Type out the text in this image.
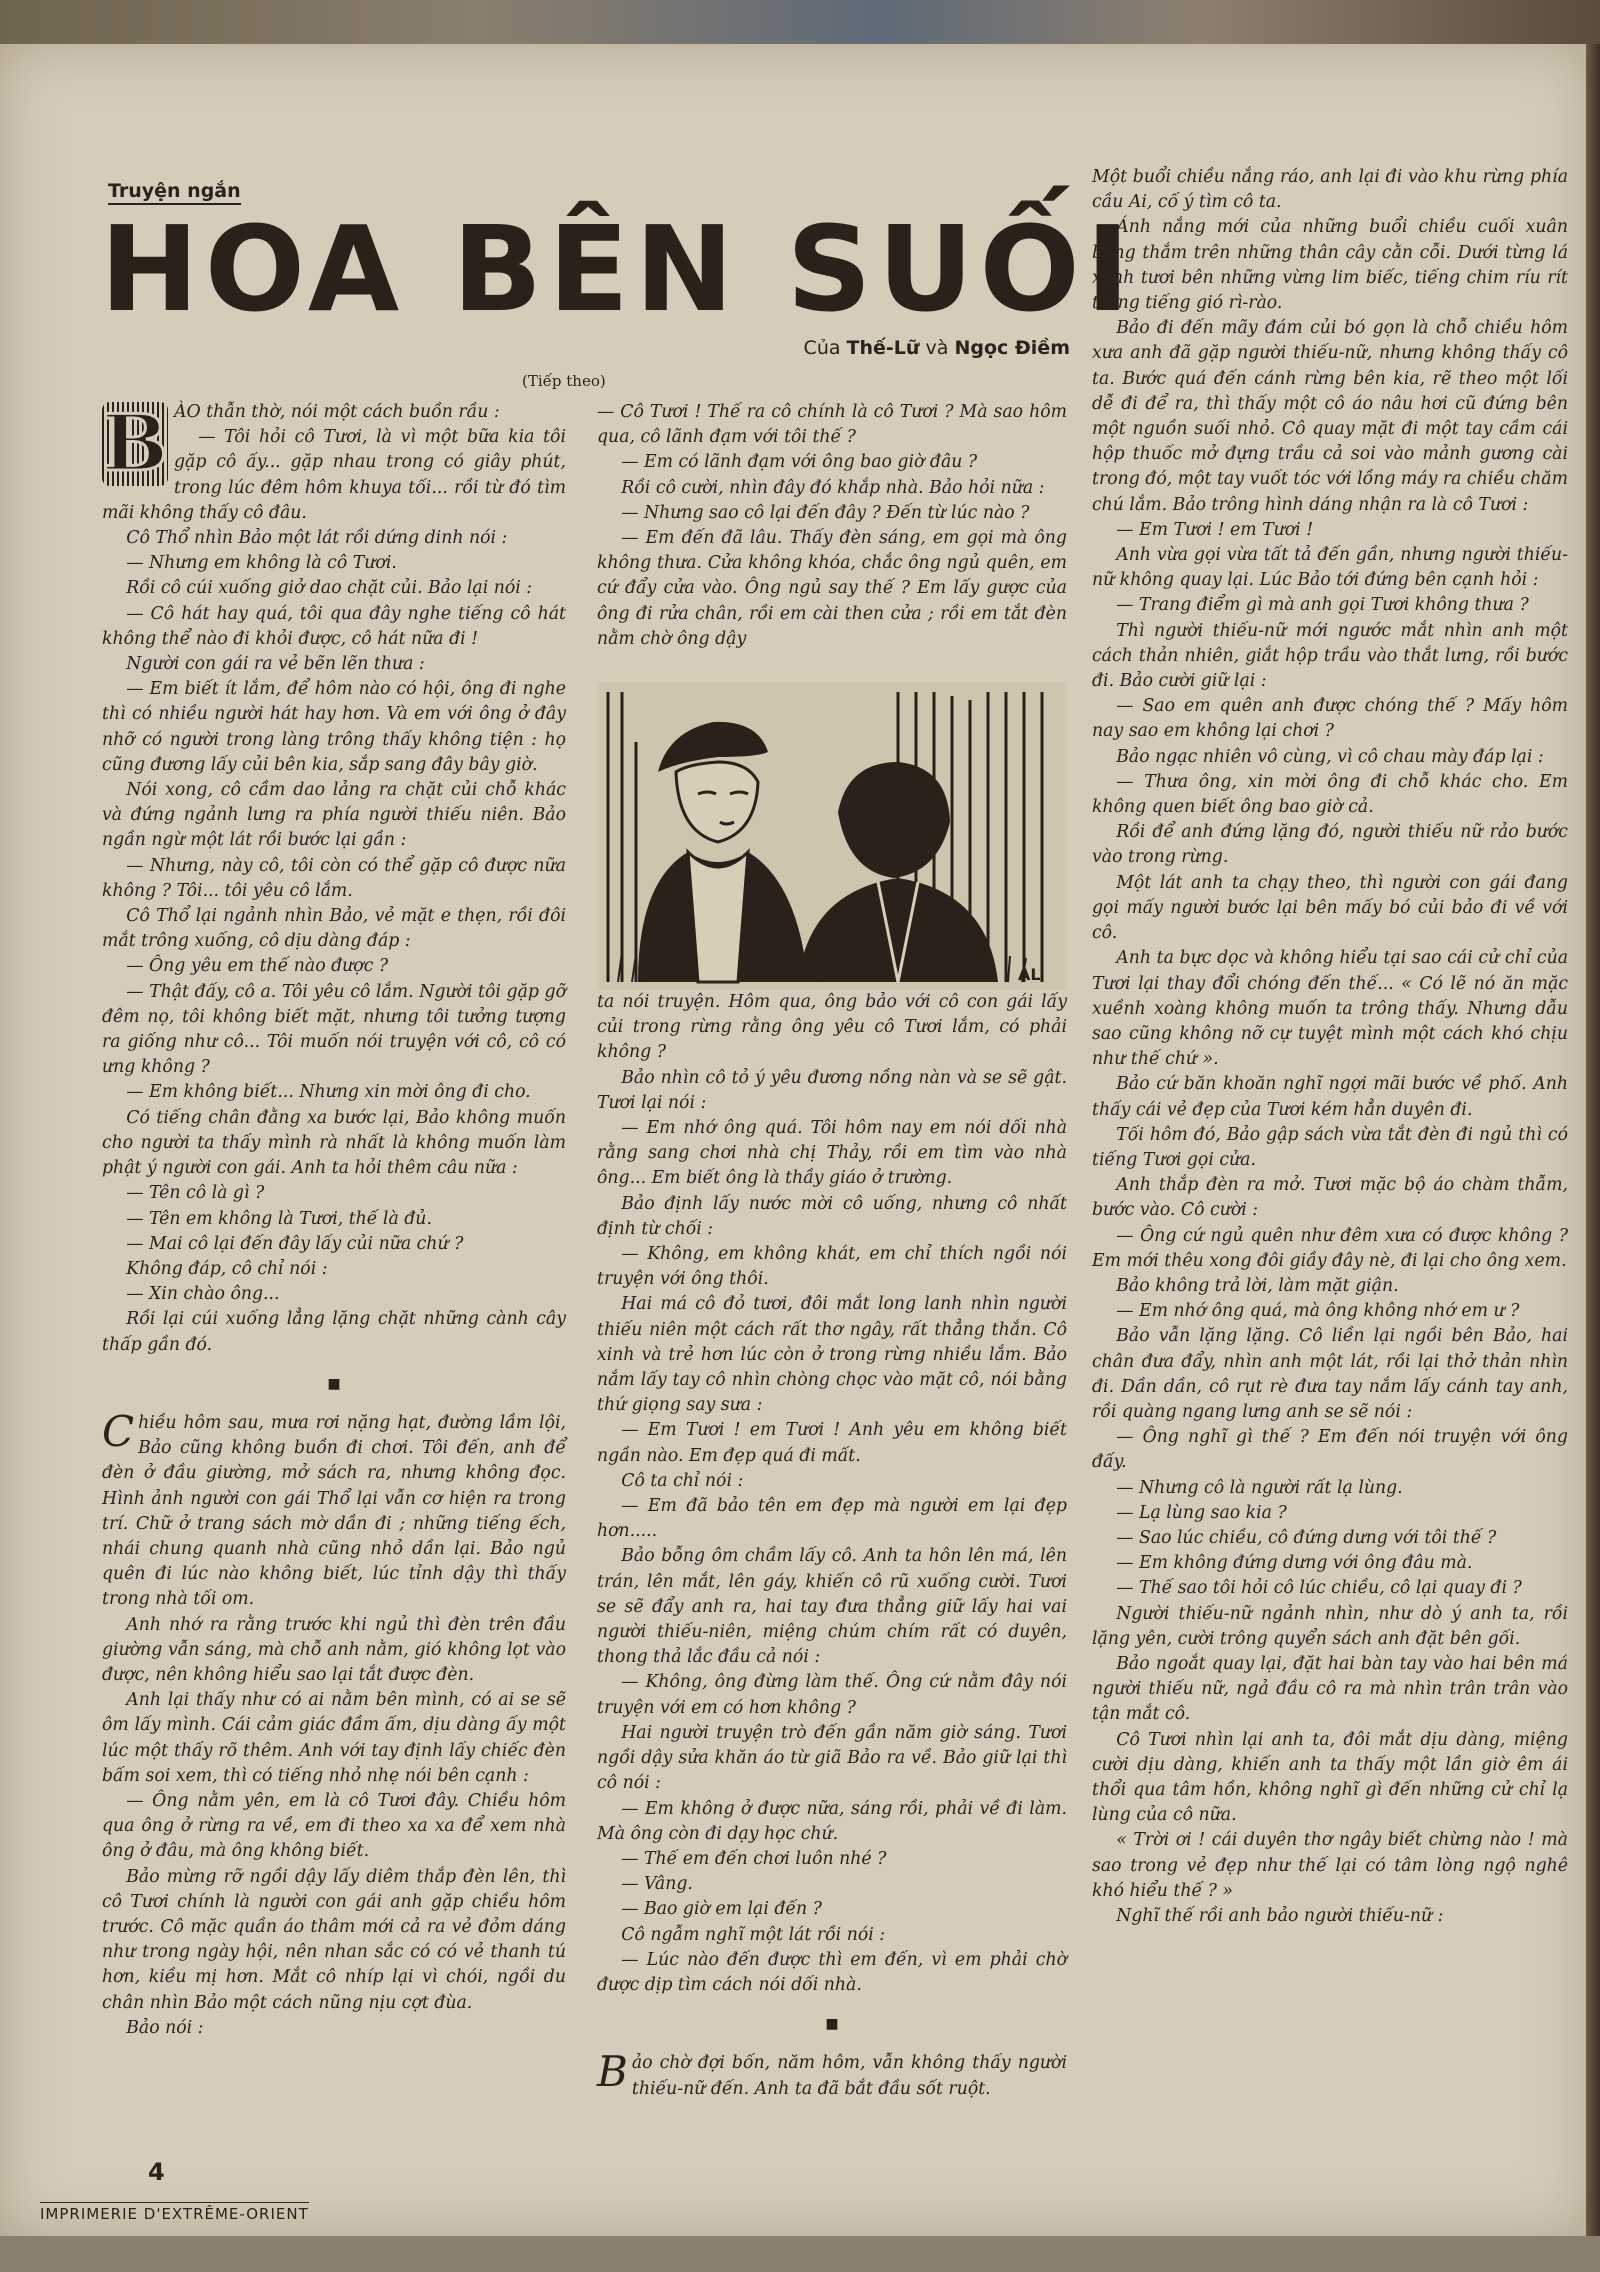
Truyện ngắn
HOA BÊN SUỐI
Của Thế-Lữ và Ngọc Điềm
(Tiếp theo)
B ÀO thẫn thờ, nói một cách buồn rầu :

— Tôi hỏi cô Tươi, là vì một bữa kia tôi gặp cô ấy... gặp nhau trong có giây phút, trong lúc đêm hôm khuya tối... rồi từ đó tìm mãi không thấy cô đâu.

Cô Thổ nhìn Bảo một lát rồi dứng dinh nói :

— Nhưng em không là cô Tươi.

Rồi cô cúi xuống giở dao chặt củi. Bảo lại nói :

— Cô hát hay quá, tôi qua đây nghe tiếng cô hát không thể nào đi khỏi được, cô hát nữa đi !

Người con gái ra vẻ bẽn lẽn thưa :

— Em biết ít lắm, để hôm nào có hội, ông đi nghe thì có nhiều người hát hay hơn. Và em với ông ở đây nhỡ có người trong làng trông thấy không tiện : họ cũng đương lấy củi bên kia, sắp sang đây bây giờ.

Nói xong, cô cầm dao lảng ra chặt củi chỗ khác và đứng ngảnh lưng ra phía người thiếu niên. Bảo ngần ngừ một lát rồi bước lại gần :

— Nhưng, này cô, tôi còn có thể gặp cô được nữa không ? Tôi... tôi yêu cô lắm.

Cô Thổ lại ngảnh nhìn Bảo, vẻ mặt e thẹn, rồi đôi mắt trông xuống, cô dịu dàng đáp :

— Ông yêu em thế nào được ?

— Thật đấy, cô a. Tôi yêu cô lắm. Người tôi gặp gỡ đêm nọ, tôi không biết mặt, nhưng tôi tưởng tượng ra giống như cô... Tôi muốn nói truyện với cô, cô có ưng không ?

— Em không biết... Nhưng xin mời ông đi cho.

Có tiếng chân đằng xa bước lại, Bảo không muốn cho người ta thấy mình rà nhất là không muốn làm phật ý người con gái. Anh ta hỏi thêm câu nữa :

— Tên cô là gì ?

— Tên em không là Tươi, thế là đủ.

— Mai cô lại đến đây lấy củi nữa chứ ?

Không đáp, cô chỉ nói :

— Xin chào ông...

Rồi lại cúi xuống lẳng lặng chặt những cành cây thấp gần đó.

■
C hiều hôm sau, mưa rơi nặng hạt, đường lầm lội, Bảo cũng không buồn đi chơi. Tôi đến, anh để đèn ở đầu giường, mở sách ra, nhưng không đọc. Hình ảnh người con gái Thổ lại vẫn cơ hiện ra trong trí. Chữ ở trang sách mờ dần đi ; những tiếng ếch, nhái chung quanh nhà cũng nhỏ dần lại. Bảo ngủ quên đi lúc nào không biết, lúc tỉnh dậy thì thấy trong nhà tối om.

Anh nhớ ra rằng trước khi ngủ thì đèn trên đầu giường vẫn sáng, mà chỗ anh nằm, gió không lọt vào được, nên không hiểu sao lại tắt được đèn.

Anh lại thấy như có ai nằm bên mình, có ai se sẽ ôm lấy mình. Cái cảm giác đầm ấm, dịu dàng ấy một lúc một thấy rõ thêm. Anh với tay định lấy chiếc đèn bấm soi xem, thì có tiếng nhỏ nhẹ nói bên cạnh :

— Ông nằm yên, em là cô Tươi đây. Chiều hôm qua ông ở rừng ra về, em đi theo xa xa để xem nhà ông ở đâu, mà ông không biết.

Bảo mừng rỡ ngồi dậy lấy diêm thắp đèn lên, thì cô Tươi chính là người con gái anh gặp chiều hôm trước. Cô mặc quần áo thâm mới cả ra vẻ đỏm dáng như trong ngày hội, nên nhan sắc có có vẻ thanh tú hơn, kiều mị hơn. Mắt cô nhíp lại vì chói, ngồi du chân nhìn Bảo một cách nũng nịu cợt đùa.

Bảo nói :

— Cô Tươi ! Thế ra cô chính là cô Tươi ? Mà sao hôm qua, cô lãnh đạm với tôi thế ?

— Em có lãnh đạm với ông bao giờ đâu ?

Rồi cô cười, nhìn đây đó khắp nhà. Bảo hỏi nữa :

— Nhưng sao cô lại đến đây ? Đến từ lúc nào ?

— Em đến đã lâu. Thấy đèn sáng, em gọi mà ông không thưa. Cửa không khóa, chắc ông ngủ quên, em cứ đẩy cửa vào. Ông ngủ say thế ? Em lấy gược của ông đi rửa chân, rồi em cài then cửa ; rồi em tắt đèn nằm chờ ông dậy

AL

ta nói truyện. Hôm qua, ông bảo với cô con gái lấy củi trong rừng rằng ông yêu cô Tươi lắm, có phải không ?

Bảo nhìn cô tỏ ý yêu đương nồng nàn và se sẽ gật. Tươi lại nói :

— Em nhớ ông quá. Tôi hôm nay em nói dối nhà rằng sang chơi nhà chị Thảy, rồi em tìm vào nhà ông... Em biết ông là thầy giáo ở trường.

Bảo định lấy nước mời cô uống, nhưng cô nhất định từ chối :

— Không, em không khát, em chỉ thích ngồi nói truyện với ông thôi.

Hai má cô đỏ tươi, đôi mắt long lanh nhìn người thiếu niên một cách rất thơ ngây, rất thẳng thắn. Cô xinh và trẻ hơn lúc còn ở trong rừng nhiều lắm. Bảo nắm lấy tay cô nhìn chòng chọc vào mặt cô, nói bằng thứ giọng say sưa :

— Em Tươi ! em Tươi ! Anh yêu em không biết ngần nào. Em đẹp quá đi mất.

Cô ta chỉ nói :

— Em đã bảo tên em đẹp mà người em lại đẹp hơn.....

Bảo bỗng ôm chầm lấy cô. Anh ta hôn lên má, lên trán, lên mắt, lên gáy, khiến cô rũ xuống cười. Tươi se sẽ đẩy anh ra, hai tay đưa thẳng giữ lấy hai vai người thiếu-niên, miệng chúm chím rất có duyên, thong thả lắc đầu cả nói :

— Không, ông đừng làm thế. Ông cứ nằm đây nói truyện với em có hơn không ?

Hai người truyện trò đến gần năm giờ sáng. Tươi ngồi dậy sửa khăn áo từ giã Bảo ra về. Bảo giữ lại thì cô nói :

— Em không ở được nữa, sáng rồi, phải về đi làm. Mà ông còn đi dạy học chứ.

— Thế em đến chơi luôn nhé ?

— Vâng.

— Bao giờ em lại đến ?

Cô ngẫm nghĩ một lát rồi nói :

— Lúc nào đến được thì em đến, vì em phải chờ được dịp tìm cách nói dối nhà.

■
B ảo chờ đợi bốn, năm hôm, vẫn không thấy người thiếu-nữ đến. Anh ta đã bắt đầu sốt ruột.

Một buổi chiều nắng ráo, anh lại đi vào khu rừng phía cầu Ai, cố ý tìm cô ta.

Ánh nắng mới của những buổi chiều cuối xuân bóng thắm trên những thân cây cằn cỗi. Dưới từng lá xanh tươi bên những vừng lim biếc, tiếng chim ríu rít trong tiếng gió rì-rào.

Bảo đi đến mãy đám củi bó gọn là chỗ chiều hôm xưa anh đã gặp người thiếu-nữ, nhưng không thấy cô ta. Bước quá đến cánh rừng bên kia, rẽ theo một lối dễ đi để ra, thì thấy một cô áo nâu hơi cũ đứng bên một nguồn suối nhỏ. Cô quay mặt đi một tay cầm cái hộp thuốc mở đựng trầu cả soi vào mảnh gương cài trong đó, một tay vuốt tóc với lồng máy ra chiều chăm chú lắm. Bảo trông hình dáng nhận ra là cô Tươi :

— Em Tươi ! em Tươi !

Anh vừa gọi vừa tất tả đến gần, nhưng người thiếu-nữ không quay lại. Lúc Bảo tới đứng bên cạnh hỏi :

— Trang điểm gì mà anh gọi Tươi không thưa ?

Thì người thiếu-nữ mới ngước mắt nhìn anh một cách thản nhiên, giắt hộp trầu vào thắt lưng, rồi bước đi. Bảo cười giữ lại :

— Sao em quên anh được chóng thế ? Mấy hôm nay sao em không lại chơi ?

Bảo ngạc nhiên vô cùng, vì cô chau mày đáp lại :

— Thưa ông, xin mời ông đi chỗ khác cho. Em không quen biết ông bao giờ cả.

Rồi để anh đứng lặng đó, người thiếu nữ rảo bước vào trong rừng.

Một lát anh ta chạy theo, thì người con gái đang gọi mấy người bước lại bên mấy bó củi bảo đi về với cô.

Anh ta bực dọc và không hiểu tại sao cái cử chỉ của Tươi lại thay đổi chóng đến thế... « Có lẽ nó ăn mặc xuềnh xoàng không muốn ta trông thấy. Nhưng dẫu sao cũng không nỡ cự tuyệt mình một cách khó chịu như thế chứ ».

Bảo cứ băn khoăn nghĩ ngợi mãi bước về phố. Anh thấy cái vẻ đẹp của Tươi kém hẳn duyên đi.

Tối hôm đó, Bảo gập sách vừa tắt đèn đi ngủ thì có tiếng Tươi gọi cửa.

Anh thắp đèn ra mở. Tươi mặc bộ áo chàm thẫm, bước vào. Cô cười :

— Ông cứ ngủ quên như đêm xưa có được không ? Em mới thêu xong đôi giầy đây nè, đi lại cho ông xem.

Bảo không trả lời, làm mặt giận.

— Em nhớ ông quá, mà ông không nhớ em ư ?

Bảo vẫn lặng lặng. Cô liền lại ngồi bên Bảo, hai chân đưa đẩy, nhìn anh một lát, rồi lại thở thản nhìn đi. Dần dần, cô rụt rè đưa tay nắm lấy cánh tay anh, rồi quàng ngang lưng anh se sẽ nói :

— Ông nghĩ gì thế ? Em đến nói truyện với ông đấy.

— Nhưng cô là người rất lạ lùng.

— Lạ lùng sao kia ?

— Sao lúc chiều, cô đứng dưng với tôi thế ?

— Em không đứng dưng với ông đâu mà.

— Thế sao tôi hỏi cô lúc chiều, cô lại quay đi ?

Người thiếu-nữ ngảnh nhìn, như dò ý anh ta, rồi lặng yên, cười trông quyển sách anh đặt bên gối.

Bảo ngoắt quay lại, đặt hai bàn tay vào hai bên má người thiếu nữ, ngả đầu cô ra mà nhìn trân trân vào tận mắt cô.

Cô Tươi nhìn lại anh ta, đôi mắt dịu dàng, miệng cười dịu dàng, khiến anh ta thấy một lần giờ êm ái thổi qua tâm hồn, không nghĩ gì đến những cử chỉ lạ lùng của cô nữa.

« Trời ơi ! cái duyên thơ ngây biết chừng nào ! mà sao trong vẻ đẹp như thế lại có tâm lòng ngộ nghê khó hiểu thế ? »

Nghĩ thế rồi anh bảo người thiếu-nữ :

4
IMPRIMERIE D'EXTRÊME-ORIENT
